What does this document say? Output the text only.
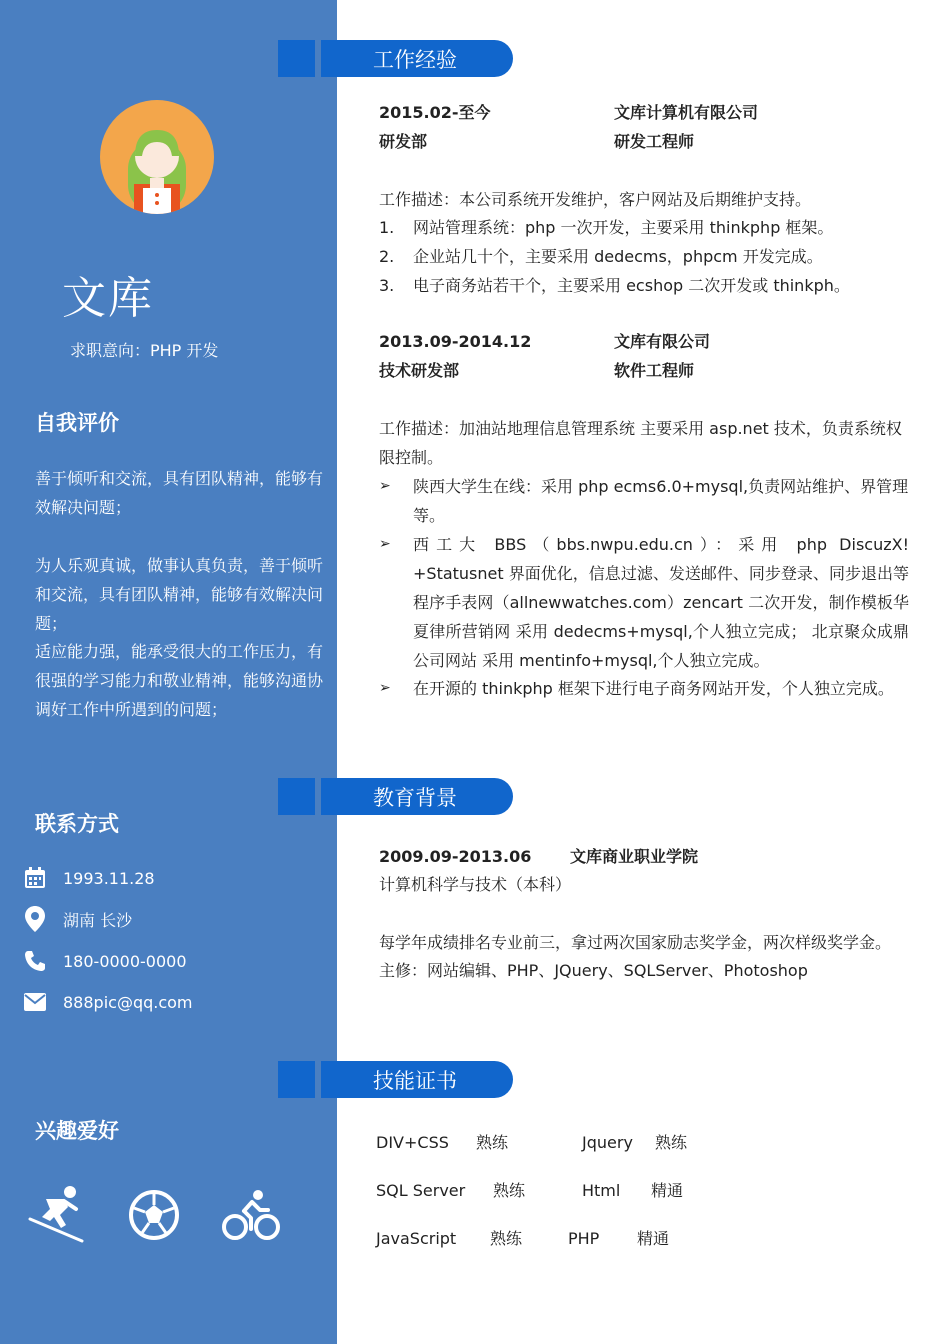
文库
求职意向：PHP 开发
自我评价
善于倾听和交流，具有团队精神，能够有效解决问题；
为人乐观真诚，做事认真负责，善于倾听和交流，具有团队精神，能够有效解决问题；
适应能力强，能承受很大的工作压力，有很强的学习能力和敬业精神，能够沟通协调好工作中所遇到的问题；
联系方式
1993.11.28
湖南 长沙
180-0000-0000
888pic@qq.com
兴趣爱好
工作经验
2015.02-至今	文库计算机有限公司
研发部	研发工程师
工作描述：本公司系统开发维护，客户网站及后期维护支持。
1. 网站管理系统：php 一次开发，主要采用 thinkphp 框架。
2. 企业站几十个，主要采用 dedecms，phpcm 开发完成。
3. 电子商务站若干个，主要采用 ecshop 二次开发或 thinkph。
2013.09-2014.12	文库有限公司
技术研发部	软件工程师
工作描述：加油站地理信息管理系统 主要采用 asp.net 技术，负责系统权限控制。
➢ 陕西大学生在线：采用 php ecms6.0+mysql,负责网站维护、界管理等。
➢ 西工大 BBS（bbs.nwpu.edu.cn）：采用 php DiscuzX! +Statusnet 界面优化，信息过滤、发送邮件、同步登录、同步退出等程序手表网（allnewwatches.com）zencart 二次开发，制作模板华夏律所营销网 采用 dedecms+mysql,个人独立完成； 北京聚众成鼎公司网站 采用 mentinfo+mysql,个人独立完成。
➢ 在开源的 thinkphp 框架下进行电子商务网站开发，个人独立完成。
教育背景
2009.09-2013.06 文库商业职业学院
计算机科学与技术（本科）
每学年成绩排名专业前三，拿过两次国家励志奖学金，两次样级奖学金。
主修：网站编辑、PHP、JQuery、SQLServer、Photoshop
技能证书
DIV+CSS 熟练	Jquery 熟练
SQL Server 熟练	Html 精通
JavaScript 熟练	PHP 精通
